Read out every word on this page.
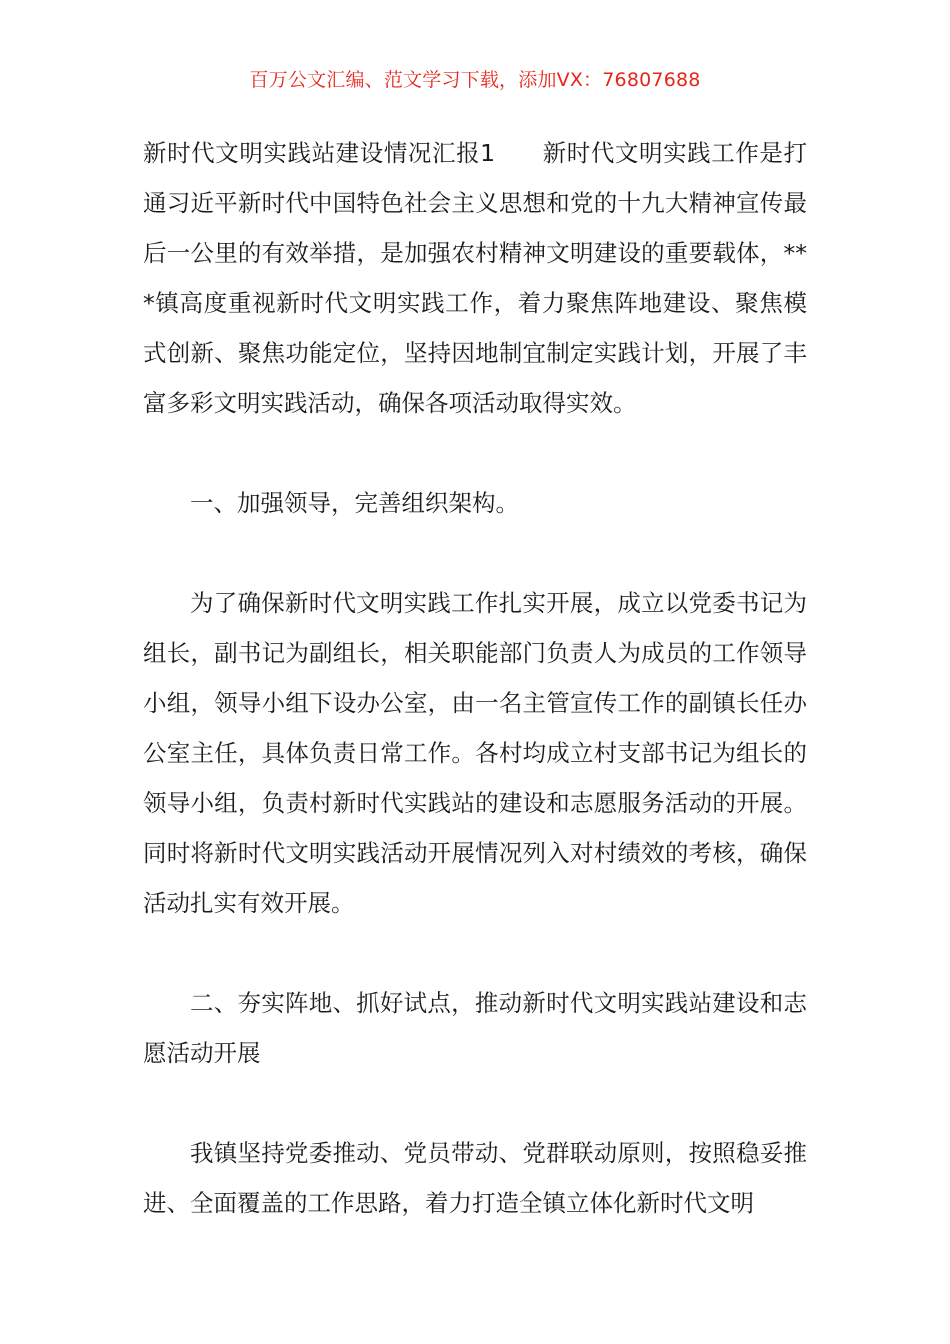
百万公文汇编、范文学习下载，添加VX：76807688

新时代文明实践站建设情况汇报1 新时代文明实践工作是打通习近平新时代中国特色社会主义思想和党的十九大精神宣传最后一公里的有效举措，是加强农村精神文明建设的重要载体，***镇高度重视新时代文明实践工作，着力聚焦阵地建设、聚焦模式创新、聚焦功能定位，坚持因地制宜制定实践计划，开展了丰富多彩文明实践活动，确保各项活动取得实效。

一、加强领导，完善组织架构。

为了确保新时代文明实践工作扎实开展，成立以党委书记为组长，副书记为副组长，相关职能部门负责人为成员的工作领导小组，领导小组下设办公室，由一名主管宣传工作的副镇长任办公室主任，具体负责日常工作。各村均成立村支部书记为组长的领导小组，负责村新时代实践站的建设和志愿服务活动的开展。同时将新时代文明实践活动开展情况列入对村绩效的考核，确保活动扎实有效开展。

二、夯实阵地、抓好试点，推动新时代文明实践站建设和志愿活动开展

我镇坚持党委推动、党员带动、党群联动原则，按照稳妥推进、全面覆盖的工作思路，着力打造全镇立体化新时代文明
